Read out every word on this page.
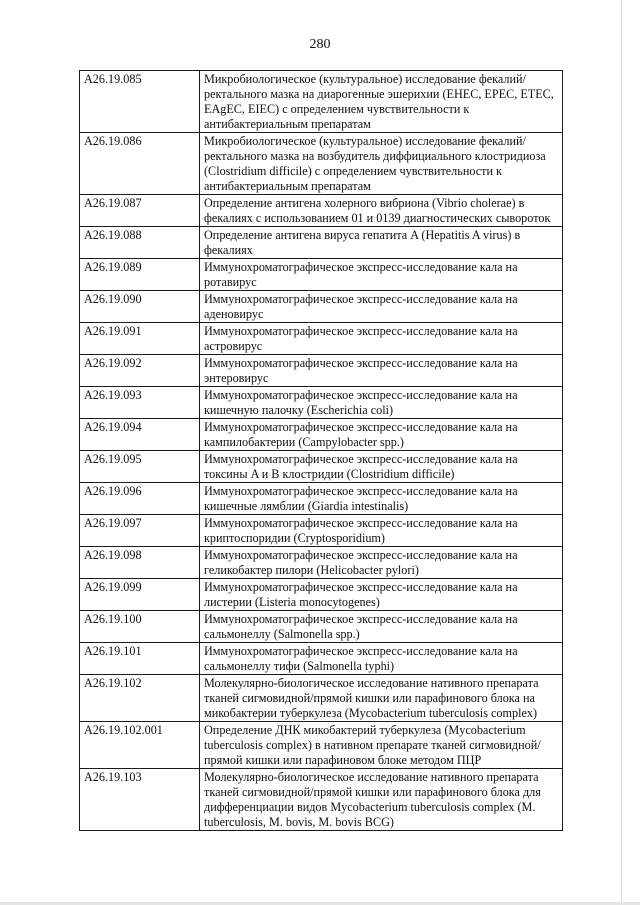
280
A26.19.085	Микробиологическое (культуральное) исследование фекалий/ректального мазка на диарогенные эшерихии (EHEC, EPEC, ETEC, EAgEC, EIEC) с определением чувствительности к антибактериальным препаратам
A26.19.086	Микробиологическое (культуральное) исследование фекалий/ректального мазка на возбудитель диффициального клостридиоза (Clostridium difficile) с определением чувствительности к антибактериальным препаратам
A26.19.087	Определение антигена холерного вибриона (Vibrio cholerae) в фекалиях с использованием 01 и 0139 диагностических сывороток
A26.19.088	Определение антигена вируса гепатита A (Hepatitis A virus) в фекалиях
A26.19.089	Иммунохроматографическое экспресс-исследование кала на ротавирус
A26.19.090	Иммунохроматографическое экспресс-исследование кала на аденовирус
A26.19.091	Иммунохроматографическое экспресс-исследование кала на астровирус
A26.19.092	Иммунохроматографическое экспресс-исследование кала на энтеровирус
A26.19.093	Иммунохроматографическое экспресс-исследование кала на кишечную палочку (Escherichia coli)
A26.19.094	Иммунохроматографическое экспресс-исследование кала на кампилобактерии (Campylobacter spp.)
A26.19.095	Иммунохроматографическое экспресс-исследование кала на токсины A и B клостридии (Clostridium difficile)
A26.19.096	Иммунохроматографическое экспресс-исследование кала на кишечные лямблии (Giardia intestinalis)
A26.19.097	Иммунохроматографическое экспресс-исследование кала на криптоспоридии (Cryptosporidium)
A26.19.098	Иммунохроматографическое экспресс-исследование кала на геликобактер пилори (Helicobacter pylori)
A26.19.099	Иммунохроматографическое экспресс-исследование кала на листерии (Listeria monocytogenes)
A26.19.100	Иммунохроматографическое экспресс-исследование кала на сальмонеллу (Salmonella spp.)
A26.19.101	Иммунохроматографическое экспресс-исследование кала на сальмонеллу тифи (Salmonella typhi)
A26.19.102	Молекулярно-биологическое исследование нативного препарата тканей сигмовидной/прямой кишки или парафинового блока на микобактерии туберкулеза (Mycobacterium tuberculosis complex)
A26.19.102.001	Определение ДНК микобактерий туберкулеза (Mycobacterium tuberculosis complex) в нативном препарате тканей сигмовидной/прямой кишки или парафиновом блоке методом ПЦР
A26.19.103	Молекулярно-биологическое исследование нативного препарата тканей сигмовидной/прямой кишки или парафинового блока для дифференциации видов Mycobacterium tuberculosis complex (M. tuberculosis, M. bovis, M. bovis BCG)
